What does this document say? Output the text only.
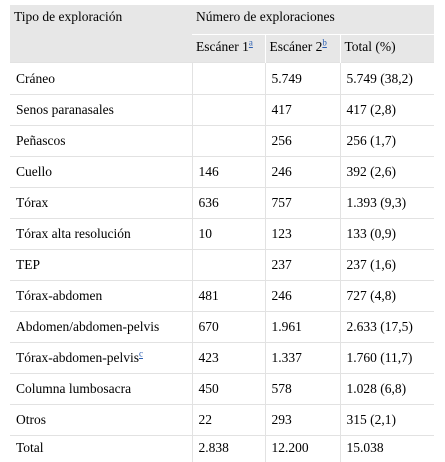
Tipo de exploración	Número de exploraciones		
	Escáner 1$^a$	Escáner 2$^b$	Total (%)
Cráneo		5.749	5.749 (38,2)
Senos paranasales		417	417 (2,8)
Peñascos		256	256 (1,7)
Cuello	146	246	392 (2,6)
Tórax	636	757	1.393 (9,3)
Tórax alta resolución	10	123	133 (0,9)
TEP		237	237 (1,6)
Tórax-abdomen	481	246	727 (4,8)
Abdomen/abdomen-pelvis	670	1.961	2.633 (17,5)
Tórax-abdomen-pelvis$^c$	423	1.337	1.760 (11,7)
Columna lumbosacra	450	578	1.028 (6,8)
Otros	22	293	315 (2,1)
Total	2.838	12.200	15.038
